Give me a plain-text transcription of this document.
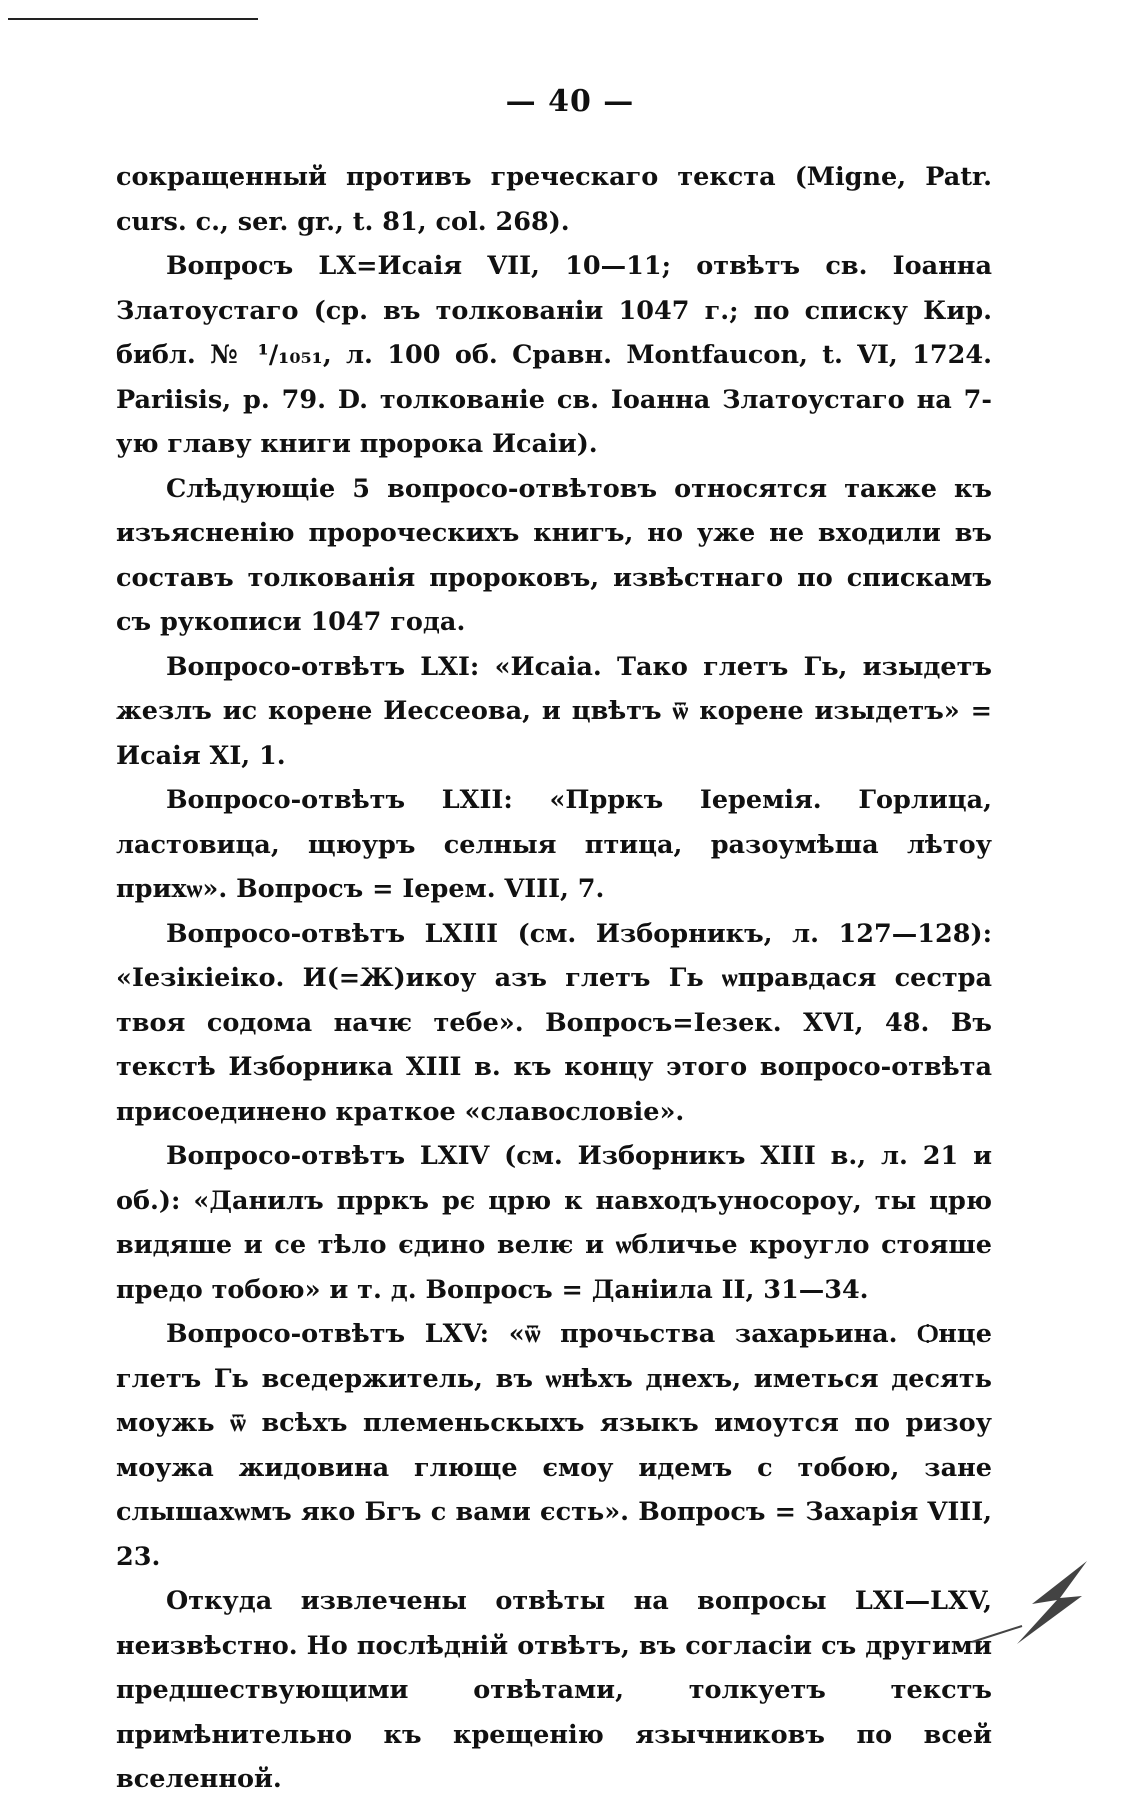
— 40 —

сокращенный противъ греческаго текста (Migne, Patr. curs. c., ser. gr., t. 81, col. 268).

Вопросъ LX=Исаія VII, 10—11; отвѣтъ св. Іоанна Златоустаго (ср. въ толкованіи 1047 г.; по списку Кир. библ. № ¹/₁₀₅₁, л. 100 об. Сравн. Montfaucon, t. VI, 1724. Pariisis, p. 79. D. толкованіе св. Іоанна Златоустаго на 7-ую главу книги пророка Исаіи).

Слѣдующіе 5 вопросо-отвѣтовъ относятся также къ изъясненію пророческихъ книгъ, но уже не входили въ составъ толкованія пророковъ, извѣстнаго по спискамъ съ рукописи 1047 года.

Вопросо-отвѣтъ LXI: «Исаіа. Тако глетъ Гь, изыдетъ жезлъ ис корене Иессеова, и цвѣтъ ѿ корене изыдетъ» = Исаія XI, 1.

Вопросо-отвѣтъ LXII: «Прркъ Іеремія. Горлица, ластовица, щюуръ селныя птица, разоумѣша лѣтоу прихѡ». Вопросъ = Іерем. VIII, 7.

Вопросо-отвѣтъ LXIII (см. Изборникъ, л. 127—128): «Іезікіеіко. И(=Ж)икоу азъ глетъ Гь ѡправдася сестра твоя содома начѥ тебе». Вопросъ=Іезек. XVI, 48. Въ текстѣ Изборника XIII в. къ концу этого вопросо-отвѣта присоединено краткое «славословіе».

Вопросо-отвѣтъ LXIV (см. Изборникъ XIII в., л. 21 и об.): «Данилъ прркъ рє црю к навходъуносороу, ты црю видяше и се тѣло єдино велѥ и ѡбличье кроугло стояше предо тобою» и т. д. Вопросъ = Даніила II, 31—34.

Вопросо-отвѣтъ LXV: «ѿ прочьства захарьина. Ѻнце глетъ Гь вседержитель, въ ѡнѣхъ днехъ, иметься десять моужь ѿ всѣхъ племеньскыхъ языкъ имоутся по ризоу моужа жидовина глюще ємоу идемъ с тобою, зане слышахѡмъ яко Бгъ с вами єсть». Вопросъ = Захарія VIII, 23.

Откуда извлечены отвѣты на вопросы LXI—LXV, неизвѣстно. Но послѣдній отвѣтъ, въ согласіи съ другими предшествующими отвѣтами, толкуетъ текстъ примѣнительно къ крещенію язычниковъ по всей вселенной.
